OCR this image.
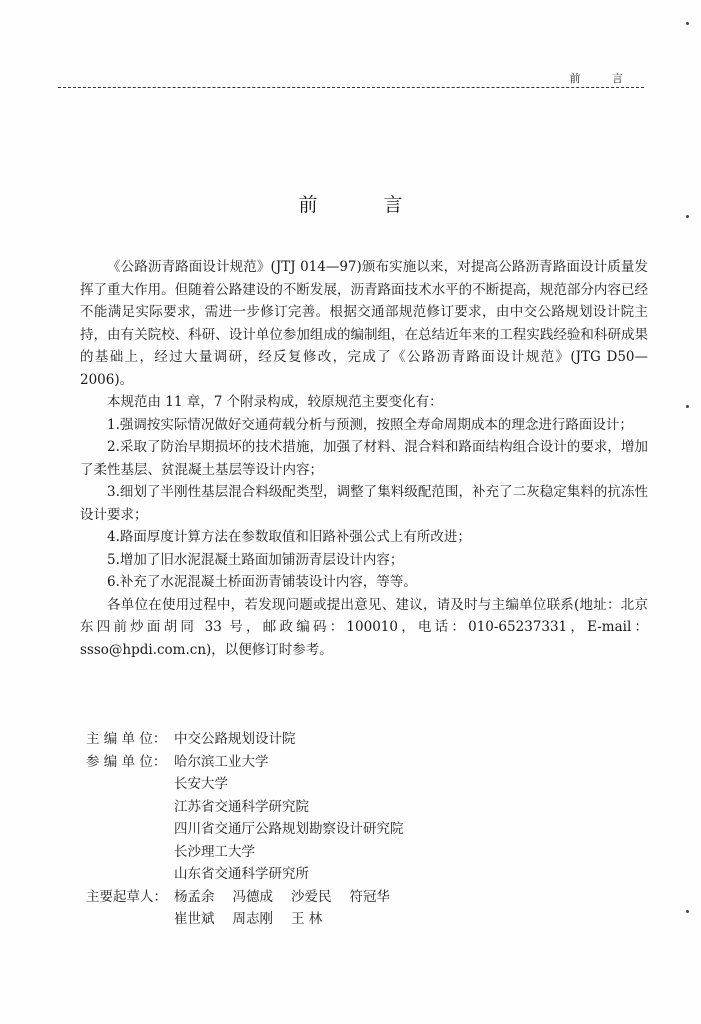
前 言
前 言

《公路沥青路面设计规范》(JTJ 014—97)颁布实施以来，对提高公路沥青路面设计质量发挥了重大作用。但随着公路建设的不断发展，沥青路面技术水平的不断提高，规范部分内容已经不能满足实际要求，需进一步修订完善。根据交通部规范修订要求，由中交公路规划设计院主持，由有关院校、科研、设计单位参加组成的编制组，在总结近年来的工程实践经验和科研成果的基础上，经过大量调研，经反复修改，完成了《公路沥青路面设计规范》(JTG D50—2006)。

本规范由 11 章，7 个附录构成，较原规范主要变化有：

1.强调按实际情况做好交通荷载分析与预测，按照全寿命周期成本的理念进行路面设计；

2.采取了防治早期损坏的技术措施，加强了材料、混合料和路面结构组合设计的要求，增加了柔性基层、贫混凝土基层等设计内容；

3.细划了半刚性基层混合料级配类型，调整了集料级配范围，补充了二灰稳定集料的抗冻性设计要求；

4.路面厚度计算方法在参数取值和旧路补强公式上有所改进；

5.增加了旧水泥混凝土路面加铺沥青层设计内容；

6.补充了水泥混凝土桥面沥青铺装设计内容，等等。

各单位在使用过程中，若发现问题或提出意见、建议，请及时与主编单位联系(地址：北京东四前炒面胡同 33 号，邮政编码：100010，电话：010-65237331，E-mail：ssso@hpdi.com.cn)，以便修订时参考。

主 编 单 位： 中交公路规划设计院
参 编 单 位： 哈尔滨工业大学
长安大学
江苏省交通科学研究院
四川省交通厅公路规划勘察设计研究院
长沙理工大学
山东省交通科学研究所
主要起草人： 杨孟余 冯德成 沙爱民 符冠华
崔世斌 周志刚 王 林
